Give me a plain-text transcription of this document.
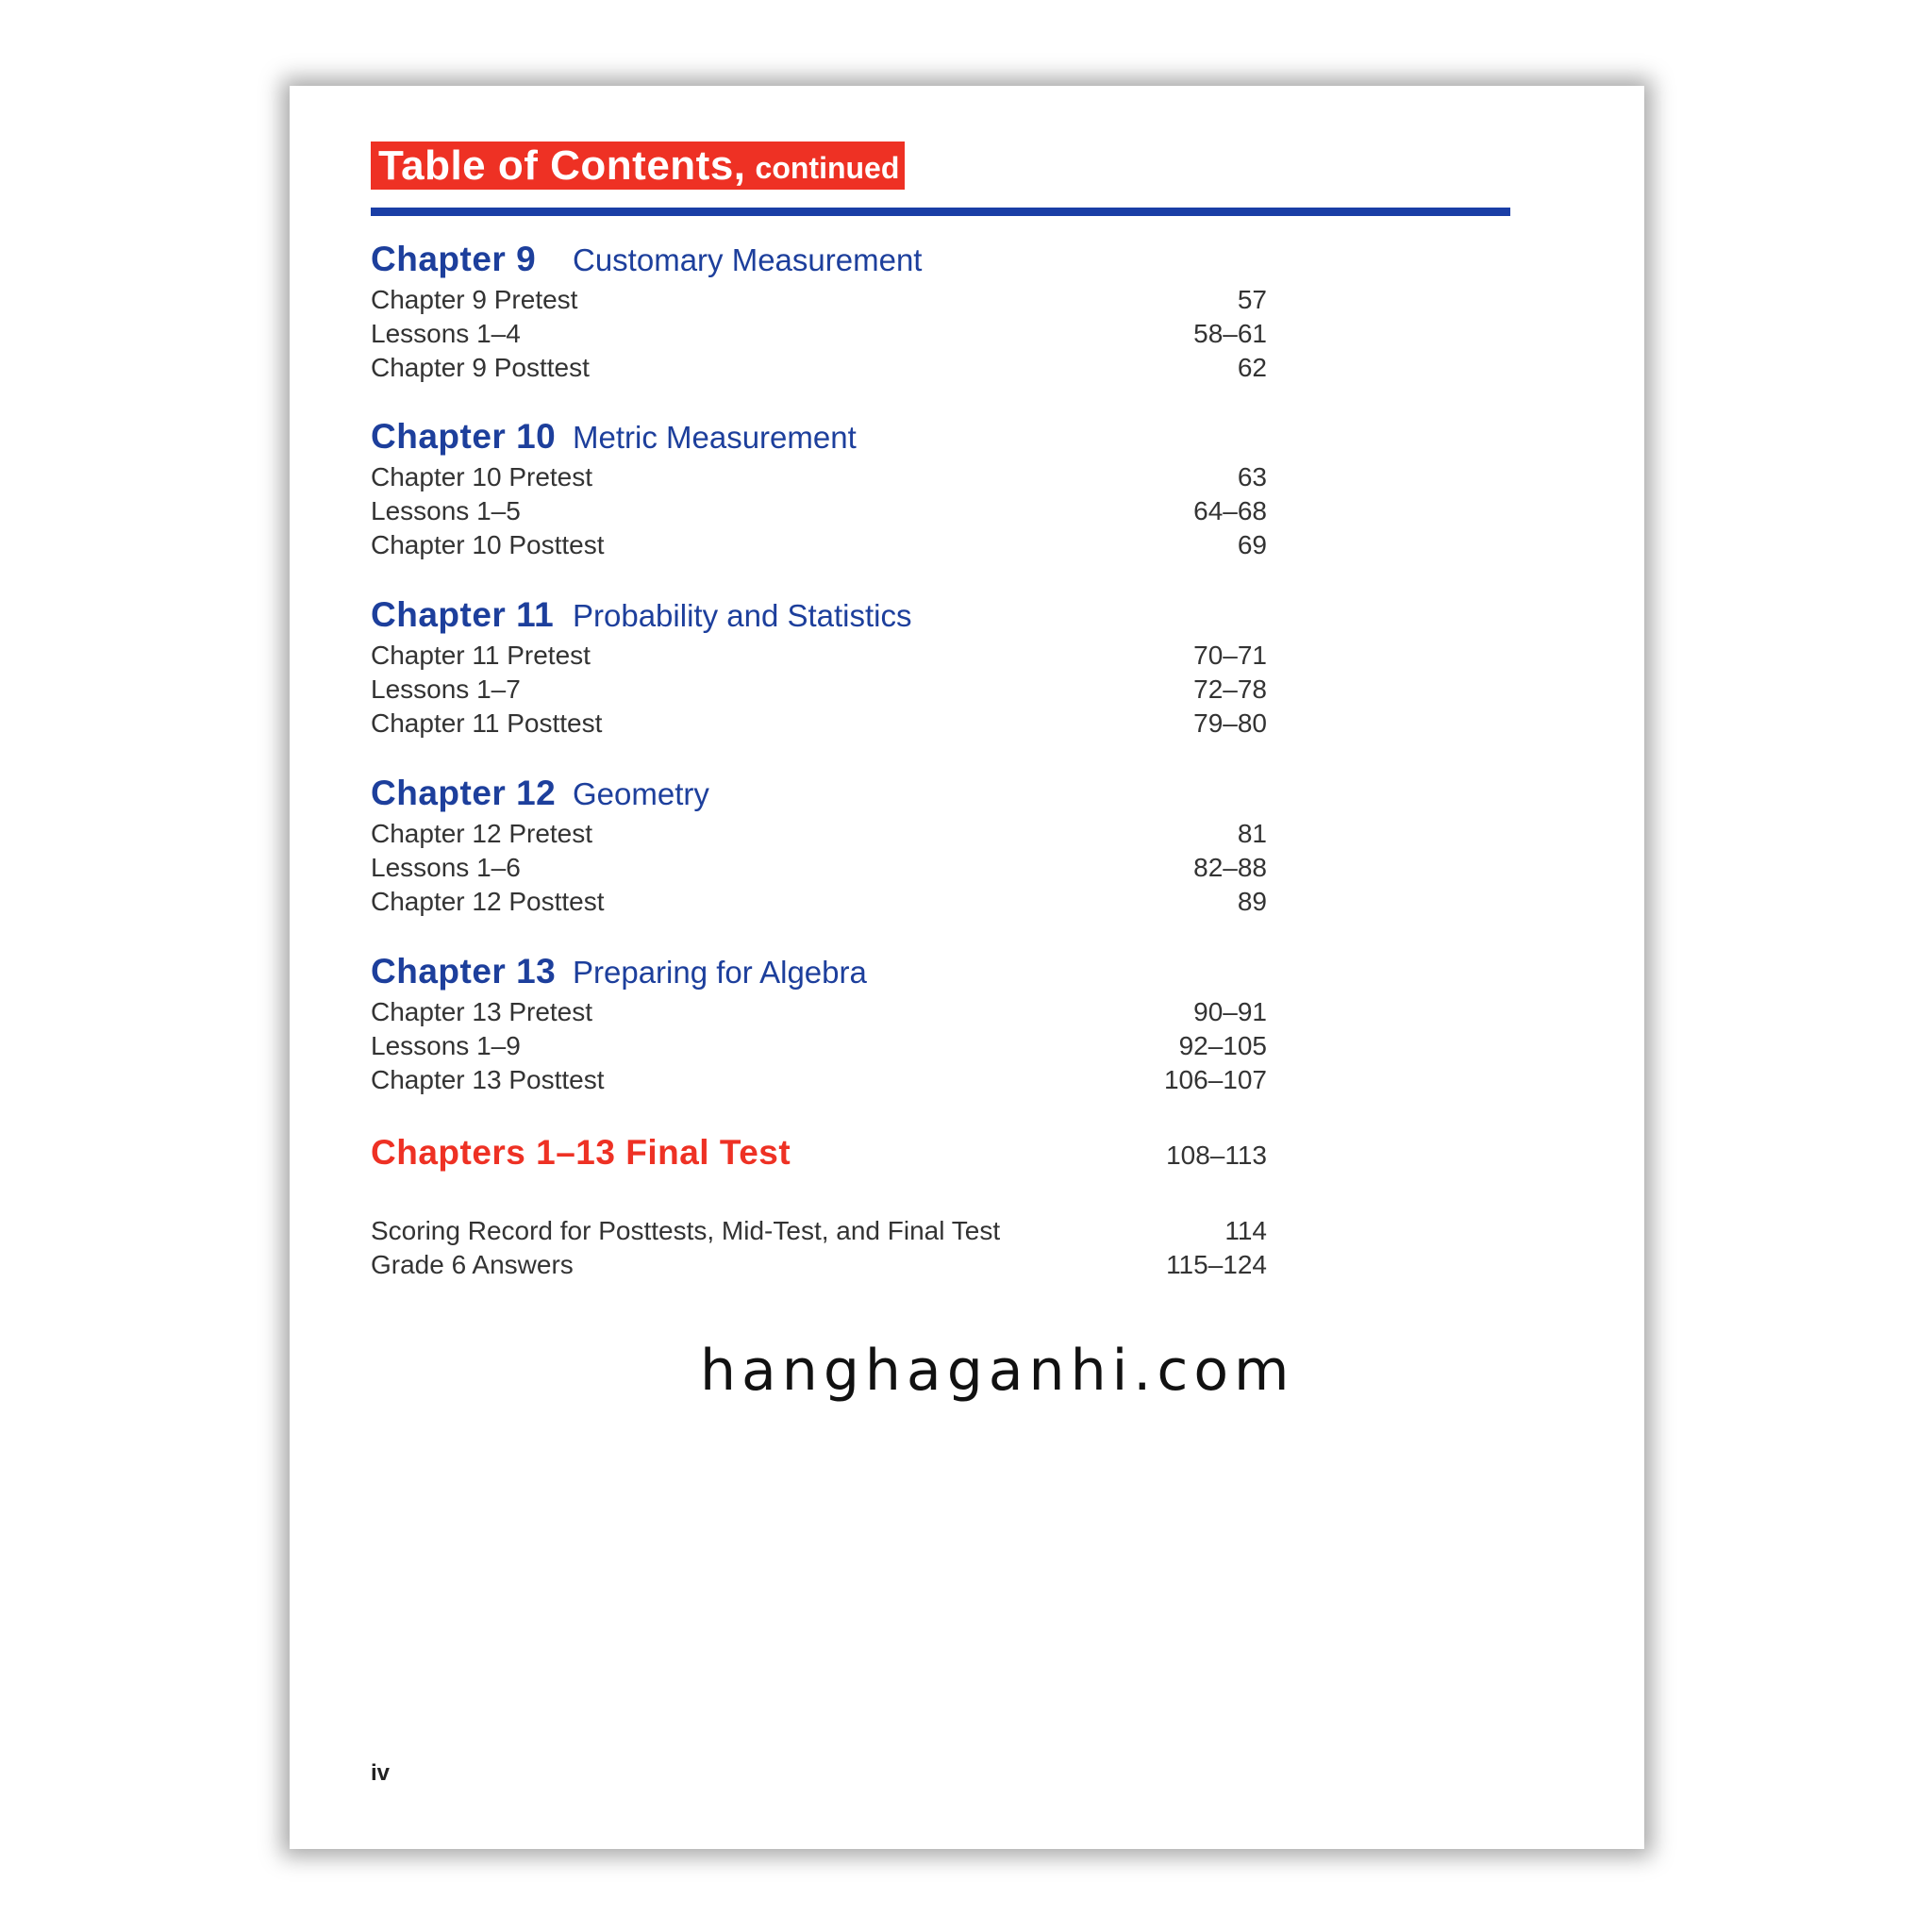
Table of Contents, continued
Chapter 9	Customary Measurement
Chapter 9 Pretest	57
Lessons 1–4	58–61
Chapter 9 Posttest	62
Chapter 10 Metric Measurement
Chapter 10 Pretest	63
Lessons 1–5	64–68
Chapter 10 Posttest	69
Chapter 11 Probability and Statistics
Chapter 11 Pretest	70–71
Lessons 1–7	72–78
Chapter 11 Posttest	79–80
Chapter 12 Geometry
Chapter 12 Pretest	81
Lessons 1–6	82–88
Chapter 12 Posttest	89
Chapter 13 Preparing for Algebra
Chapter 13 Pretest	90–91
Lessons 1–9	92–105
Chapter 13 Posttest	106–107
Chapters 1–13 Final Test	108–113
Scoring Record for Posttests, Mid-Test, and Final Test	114
Grade 6 Answers	115–124
hanghaganhi.com
iv
